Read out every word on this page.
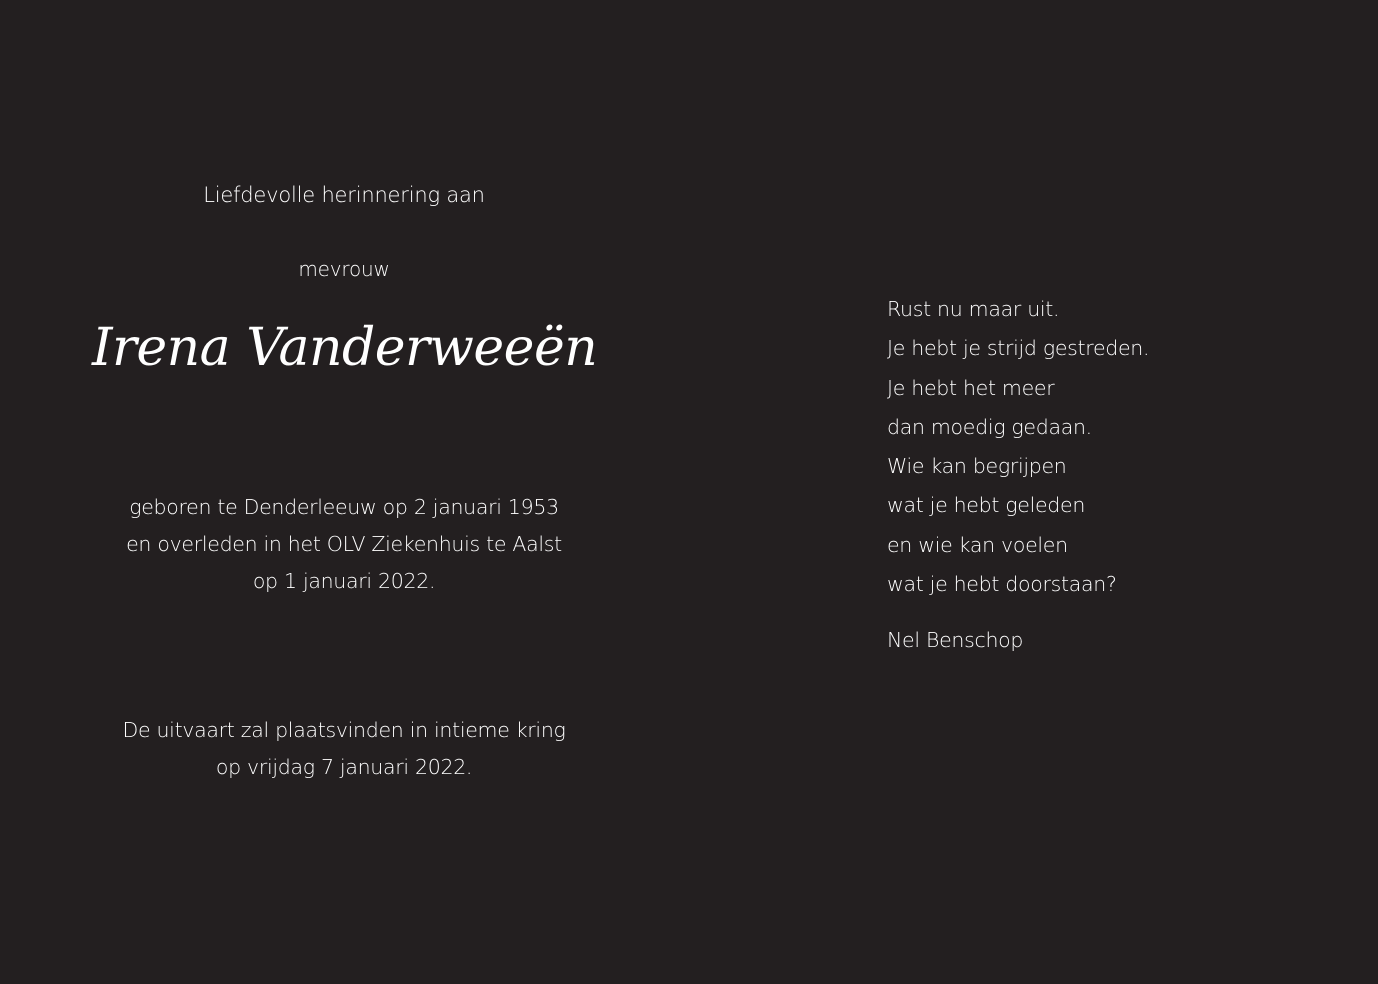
Liefdevolle herinnering aan
mevrouw
Irena Vanderweeën
geboren te Denderleeuw op 2 januari 1953
en overleden in het OLV Ziekenhuis te Aalst
op 1 januari 2022.
De uitvaart zal plaatsvinden in intieme kring
op vrijdag 7 januari 2022.
Rust nu maar uit.
Je hebt je strijd gestreden.
Je hebt het meer
dan moedig gedaan.
Wie kan begrijpen
wat je hebt geleden
en wie kan voelen
wat je hebt doorstaan?
Nel Benschop
